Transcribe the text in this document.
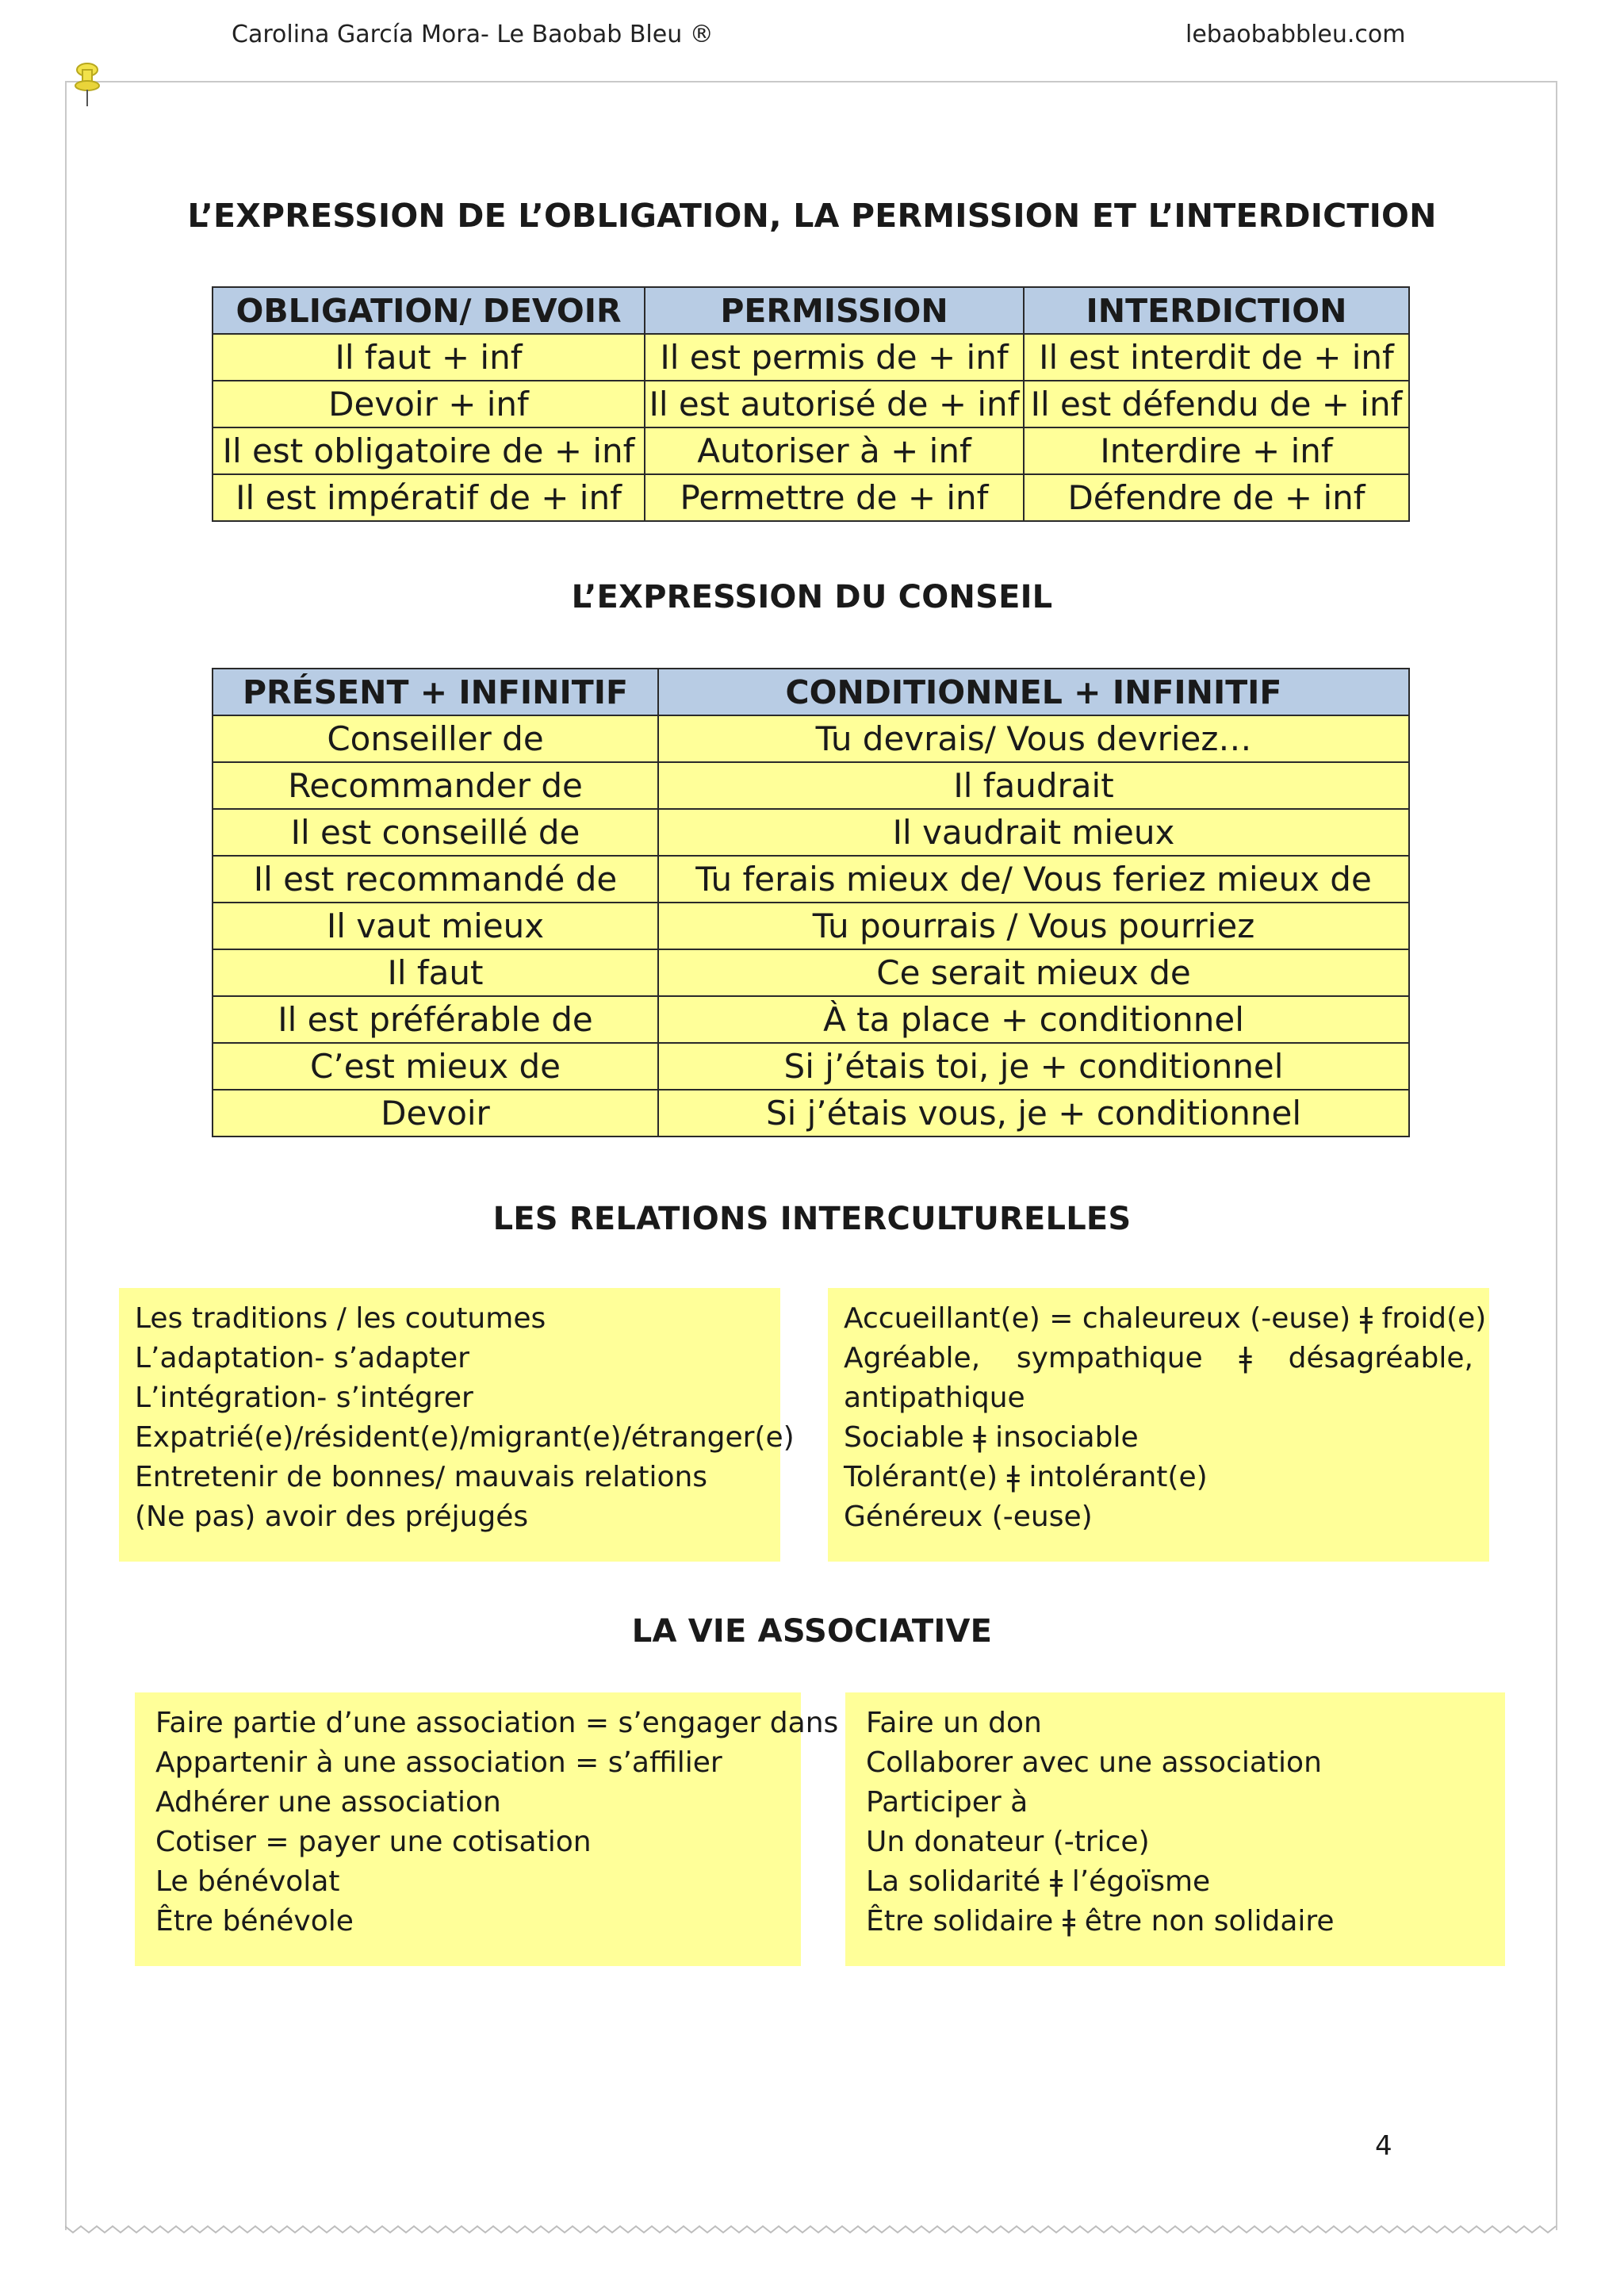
Carolina García Mora- Le Baobab Bleu ®	lebaobabbleu.com
L’EXPRESSION DE L’OBLIGATION, LA PERMISSION ET L’INTERDICTION
OBLIGATION/ DEVOIR	PERMISSION	INTERDICTION
Il faut + inf	Il est permis de + inf	Il est interdit de + inf
Devoir + inf	Il est autorisé de + inf	Il est défendu de + inf
Il est obligatoire de + inf	Autoriser à + inf	Interdire + inf
Il est impératif de + inf	Permettre de + inf	Défendre de + inf
L’EXPRESSION DU CONSEIL
PRÉSENT + INFINITIF	CONDITIONNEL + INFINITIF
Conseiller de	Tu devrais/ Vous devriez…
Recommander de	Il faudrait
Il est conseillé de	Il vaudrait mieux
Il est recommandé de	Tu ferais mieux de/ Vous feriez mieux de
Il vaut mieux	Tu pourrais / Vous pourriez
Il faut	Ce serait mieux de
Il est préférable de	À ta place + conditionnel
C’est mieux de	Si j’étais toi, je + conditionnel
Devoir	Si j’étais vous, je + conditionnel
LES RELATIONS INTERCULTURELLES
Les traditions / les coutumes
L’adaptation- s’adapter
L’intégration- s’intégrer
Expatrié(e)/résident(e)/migrant(e)/étranger(e)
Entretenir de bonnes/ mauvais relations
(Ne pas) avoir des préjugés
Accueillant(e) = chaleureux (-euse) ǂ froid(e)
Agréable, sympathique ǂ désagréable,
antipathique
Sociable ǂ insociable
Tolérant(e) ǂ intolérant(e)
Généreux (-euse)
LA VIE ASSOCIATIVE
Faire partie d’une association = s’engager dans
Appartenir à une association = s’affilier
Adhérer une association
Cotiser = payer une cotisation
Le bénévolat
Être bénévole
Faire un don
Collaborer avec une association
Participer à
Un donateur (-trice)
La solidarité ǂ l’égoïsme
Être solidaire ǂ être non solidaire
4
